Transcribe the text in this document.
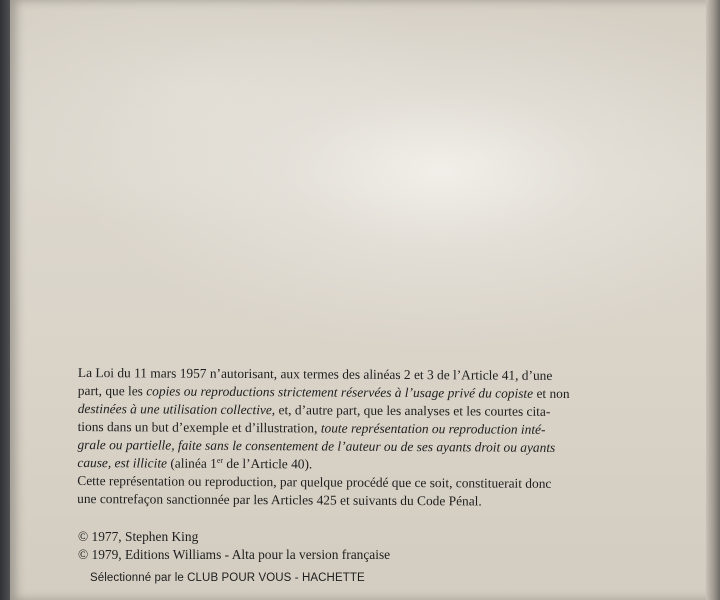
La Loi du 11 mars 1957 n’autorisant, aux termes des alinéas 2 et 3 de l’Article 41, d’une
part, que les copies ou reproductions strictement réservées à l’usage privé du copiste et non
destinées à une utilisation collective, et, d’autre part, que les analyses et les courtes cita-
tions dans un but d’exemple et d’illustration, toute représentation ou reproduction inté-
grale ou partielle, faite sans le consentement de l’auteur ou de ses ayants droit ou ayants
cause, est illicite (alinéa 1er de l’Article 40).
Cette représentation ou reproduction, par quelque procédé que ce soit, constituerait donc
une contrefaçon sanctionnée par les Articles 425 et suivants du Code Pénal.
© 1977, Stephen King
© 1979, Editions Williams - Alta pour la version française
Sélectionné par le CLUB POUR VOUS - HACHETTE
